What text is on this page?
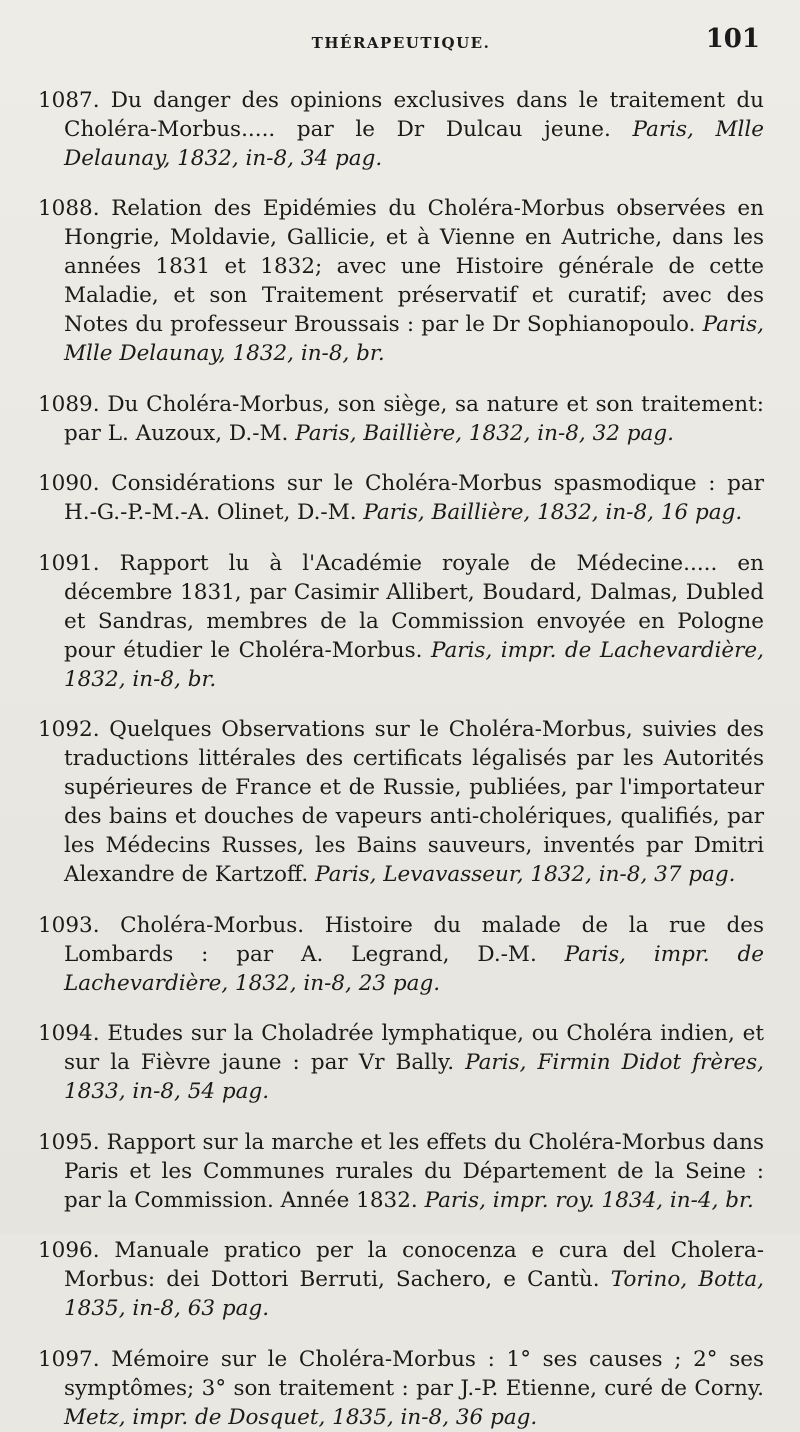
THÉRAPEUTIQUE.	101

1087. Du danger des opinions exclusives dans le traitement du Choléra-Morbus..... par le Dr Dulcau jeune. Paris, Mlle Delaunay, 1832, in-8, 34 pag.

1088. Relation des Epidémies du Choléra-Morbus observées en Hongrie, Moldavie, Gallicie, et à Vienne en Autriche, dans les années 1831 et 1832; avec une Histoire générale de cette Maladie, et son Traitement préservatif et curatif; avec des Notes du professeur Broussais : par le Dr Sophianopoulo. Paris, Mlle Delaunay, 1832, in-8, br.

1089. Du Choléra-Morbus, son siège, sa nature et son traitement: par L. Auzoux, D.-M. Paris, Baillière, 1832, in-8, 32 pag.

1090. Considérations sur le Choléra-Morbus spasmodique : par H.-G.-P.-M.-A. Olinet, D.-M. Paris, Baillière, 1832, in-8, 16 pag.

1091. Rapport lu à l'Académie royale de Médecine..... en décembre 1831, par Casimir Allibert, Boudard, Dalmas, Dubled et Sandras, membres de la Commission envoyée en Pologne pour étudier le Choléra-Morbus. Paris, impr. de Lachevardière, 1832, in-8, br.

1092. Quelques Observations sur le Choléra-Morbus, suivies des traductions littérales des certificats légalisés par les Autorités supérieures de France et de Russie, publiées, par l'importateur des bains et douches de vapeurs anti-cholériques, qualifiés, par les Médecins Russes, les Bains sauveurs, inventés par Dmitri Alexandre de Kartzoff. Paris, Levavasseur, 1832, in-8, 37 pag.

1093. Choléra-Morbus. Histoire du malade de la rue des Lombards : par A. Legrand, D.-M. Paris, impr. de Lachevardière, 1832, in-8, 23 pag.

1094. Etudes sur la Choladrée lymphatique, ou Choléra indien, et sur la Fièvre jaune : par Vr Bally. Paris, Firmin Didot frères, 1833, in-8, 54 pag.

1095. Rapport sur la marche et les effets du Choléra-Morbus dans Paris et les Communes rurales du Département de la Seine : par la Commission. Année 1832. Paris, impr. roy. 1834, in-4, br.

1096. Manuale pratico per la conocenza e cura del Cholera-Morbus: dei Dottori Berruti, Sachero, e Cantù. Torino, Botta, 1835, in-8, 63 pag.

1097. Mémoire sur le Choléra-Morbus : 1° ses causes ; 2° ses symptômes; 3° son traitement : par J.-P. Etienne, curé de Corny. Metz, impr. de Dosquet, 1835, in-8, 36 pag.
